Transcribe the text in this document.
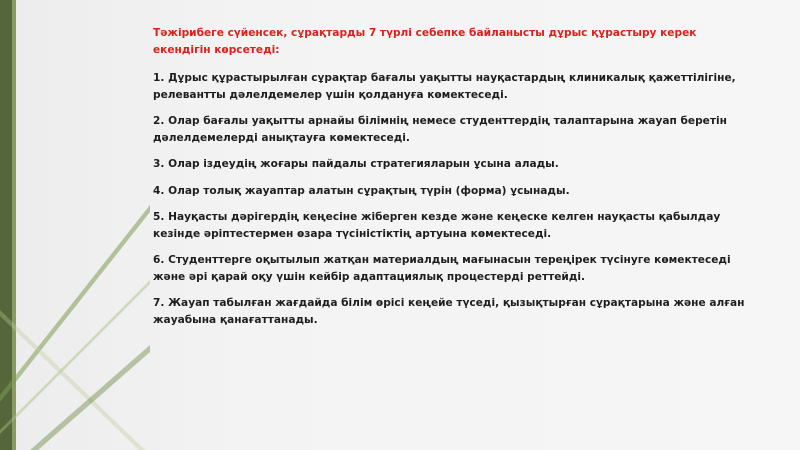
Тәжірибеге сүйенсек, сұрақтарды 7 түрлі себепке байланысты дұрыс құрастыру керек екендігін көрсетеді:

1. Дұрыс құрастырылған сұрақтар бағалы уақытты науқастардың клиникалық қажеттілігіне, релевантты дәлелдемелер үшін қолдануға көмектеседі.

2. Олар бағалы уақытты арнайы білімнің немесе студенттердің талаптарына жауап беретін дәлелдемелерді анықтауға көмектеседі.

3. Олар іздеудің жоғары пайдалы стратегияларын ұсына алады.

4. Олар толық жауаптар алатын сұрақтың түрін (форма) ұсынады.

5. Науқасты дәрігердің кеңесіне жіберген кезде және кеңеске келген науқасты қабылдау кезінде әріптестермен өзара түсіністіктің артуына көмектеседі.

6. Студенттерге оқытылып жатқан материалдың мағынасын тереңірек түсінуге көмектеседі және әрі қарай оқу үшін кейбір адаптациялық процестерді реттейді.

7. Жауап табылған жағдайда білім өрісі кеңейе түседі, қызықтырған сұрақтарына және алған жауабына қанағаттанады.
